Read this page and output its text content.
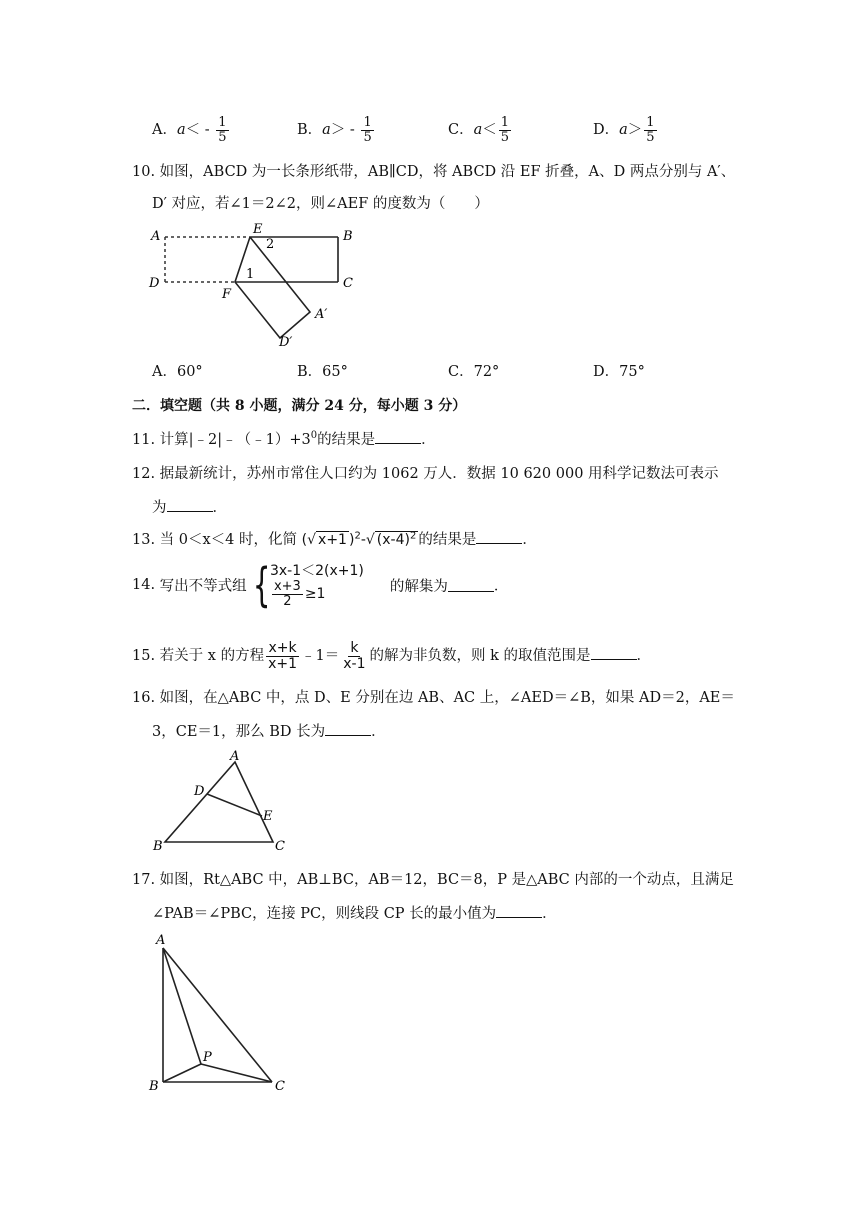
A．$a< - \frac{1}{5}$	B．$a> - \frac{1}{5}$	C．$a< \frac{1}{5}$	D．$a> \frac{1}{5}$
10. 如图，ABCD 为一长条形纸带，AB∥CD，将 ABCD 沿 EF 折叠，A、D 两点分别与 A′、
D′ 对应，若∠1＝2∠2，则∠AEF 的度数为（　　）
A	E
2
B
1
D
F
C
A′
D′
A．60°	B．65°	C．72°	D．75°
二．填空题（共 8 小题，满分 24 分，每小题 3 分）
11. 计算$|﹣2|﹣(﹣1)+3^0$的结果是	．
12. 据最新统计，苏州市常住人口约为 1062 万人．数据 10 620 000 用科学记数法可表示
为	．
13. 当 0＜x＜4 时，化简 (√ x+1 )$^2$-√ $(x-4)^2$ 的结果是	．
14. 写出不等式组 { 3x-1＜2(x+1)
$\frac{x+3}{2} \ge 1$	的解集为	．
15. 若关于 x 的方程 $\frac{x+k}{x+1}$ ﹣1＝ $\frac{k}{x-1}$ 的解为非负数，则 k 的取值范围是	．
16. 如图，在△ABC 中，点 D、E 分别在边 AB、AC 上，∠AED＝∠B，如果 AD＝2，AE＝
3，CE＝1，那么 BD 长为	．
A
D
E
B	C
17. 如图，Rt△ABC 中，AB⊥BC，AB＝12，BC＝8，P 是△ABC 内部的一个动点，且满足
∠PAB＝∠PBC，连接 PC，则线段 CP 长的最小值为	．
A
P
B	C
